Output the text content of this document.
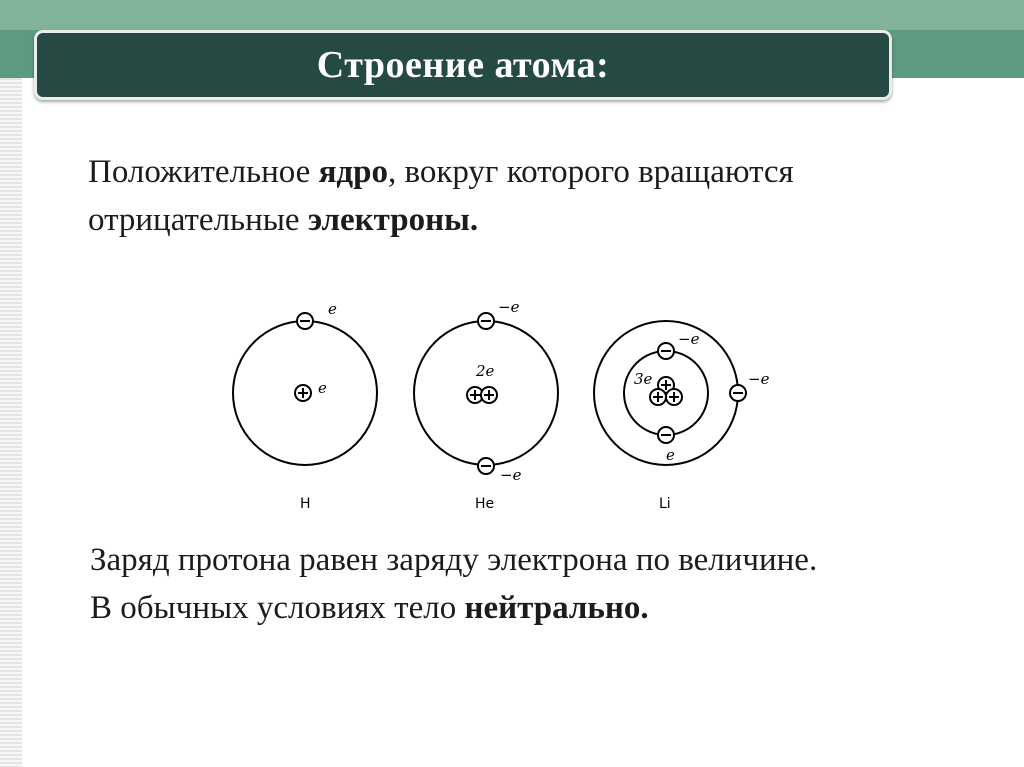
Строение атома:
Положительное ядро, вокруг которого вращаются
отрицательные электроны.
e
e
2e
−e
−e
3e
−e
e
−e
H	He	Li
Заряд протона равен заряду электрона по величине.
В обычных условиях тело нейтрально.
